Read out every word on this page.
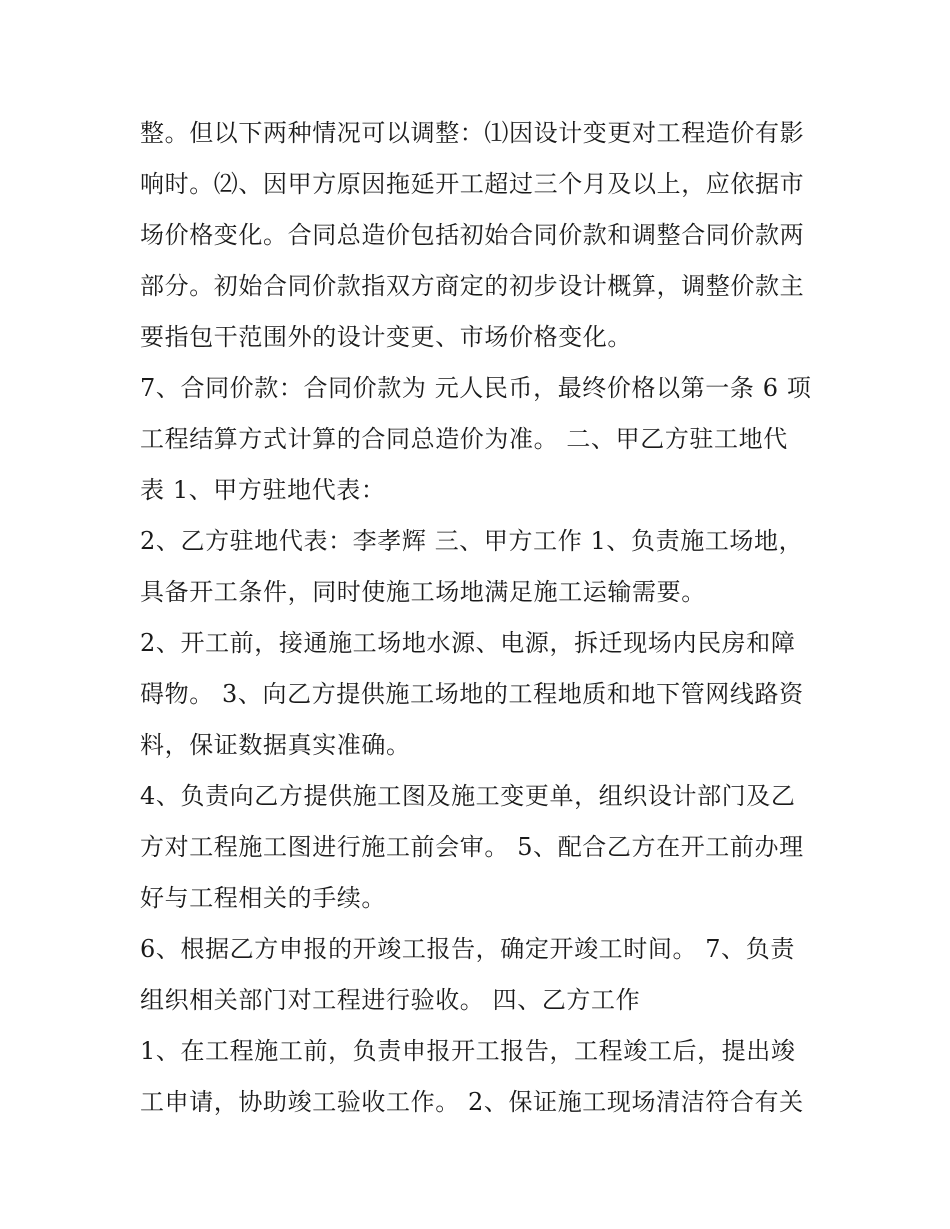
整。但以下两种情况可以调整：⑴因设计变更对工程造价有影
响时。⑵、因甲方原因拖延开工超过三个月及以上，应依据市
场价格变化。合同总造价包括初始合同价款和调整合同价款两
部分。初始合同价款指双方商定的初步设计概算，调整价款主
要指包干范围外的设计变更、市场价格变化。
7、合同价款：合同价款为 元人民币，最终价格以第一条 6 项
工程结算方式计算的合同总造价为准。 二、甲乙方驻工地代
表 1、甲方驻地代表：
2、乙方驻地代表：李孝辉 三、甲方工作 1、负责施工场地，
具备开工条件，同时使施工场地满足施工运输需要。
2、开工前，接通施工场地水源、电源，拆迁现场内民房和障
碍物。 3、向乙方提供施工场地的工程地质和地下管网线路资
料，保证数据真实准确。
4、负责向乙方提供施工图及施工变更单，组织设计部门及乙
方对工程施工图进行施工前会审。 5、配合乙方在开工前办理
好与工程相关的手续。
6、根据乙方申报的开竣工报告，确定开竣工时间。 7、负责
组织相关部门对工程进行验收。 四、乙方工作
1、在工程施工前，负责申报开工报告，工程竣工后，提出竣
工申请，协助竣工验收工作。 2、保证施工现场清洁符合有关
